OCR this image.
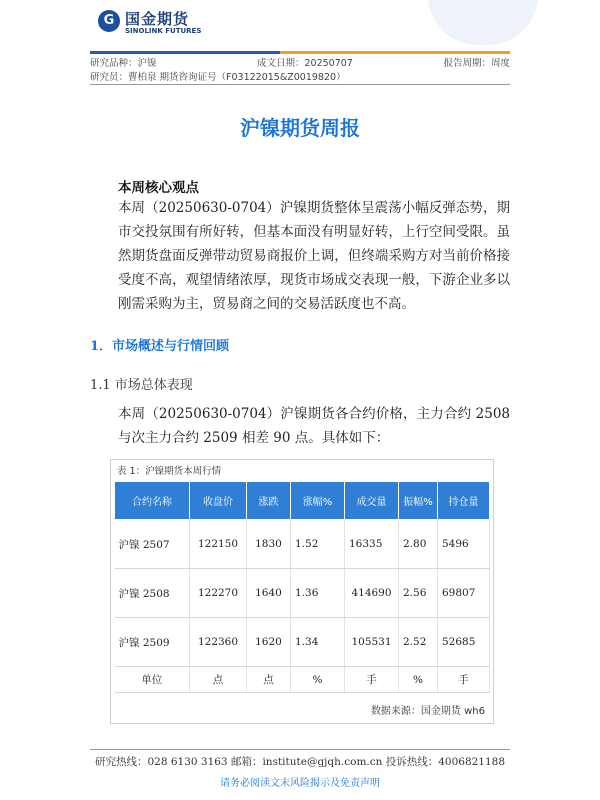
G 国金期货
SINOLINK FUTURES
研究品种：沪镍	成文日期：20250707	报告周期：周度
研究员：曹柏泉 期货咨询证号（F03122015&Z0019820）
沪镍期货周报
本周核心观点
本周（20250630-0704）沪镍期货整体呈震荡小幅反弹态势，期市交投氛围有所好转，但基本面没有明显好转，上行空间受限。虽然期货盘面反弹带动贸易商报价上调，但终端采购方对当前价格接受度不高，观望情绪浓厚，现货市场成交表现一般，下游企业多以刚需采购为主，贸易商之间的交易活跃度也不高。
1．市场概述与行情回顾
1.1 市场总体表现
本周（20250630-0704）沪镍期货各合约价格，主力合约 2508 与次主力合约 2509 相差 90 点。具体如下：
表 1：沪镍期货本周行情
合约名称	收盘价	涨跌	涨幅%	成交量	振幅%	持仓量
沪镍 2507	122150	1830	1.52	16335	2.80	5496
沪镍 2508	122270	1640	1.36	414690	2.56	69807
沪镍 2509	122360	1620	1.34	105531	2.52	52685
单位	点	点	%	手	%	手
数据来源：国金期货 wh6
研究热线：028 6130 3163 邮箱：institute@gjqh.com.cn 投诉热线：4006821188
请务必阅读文末风险揭示及免责声明
